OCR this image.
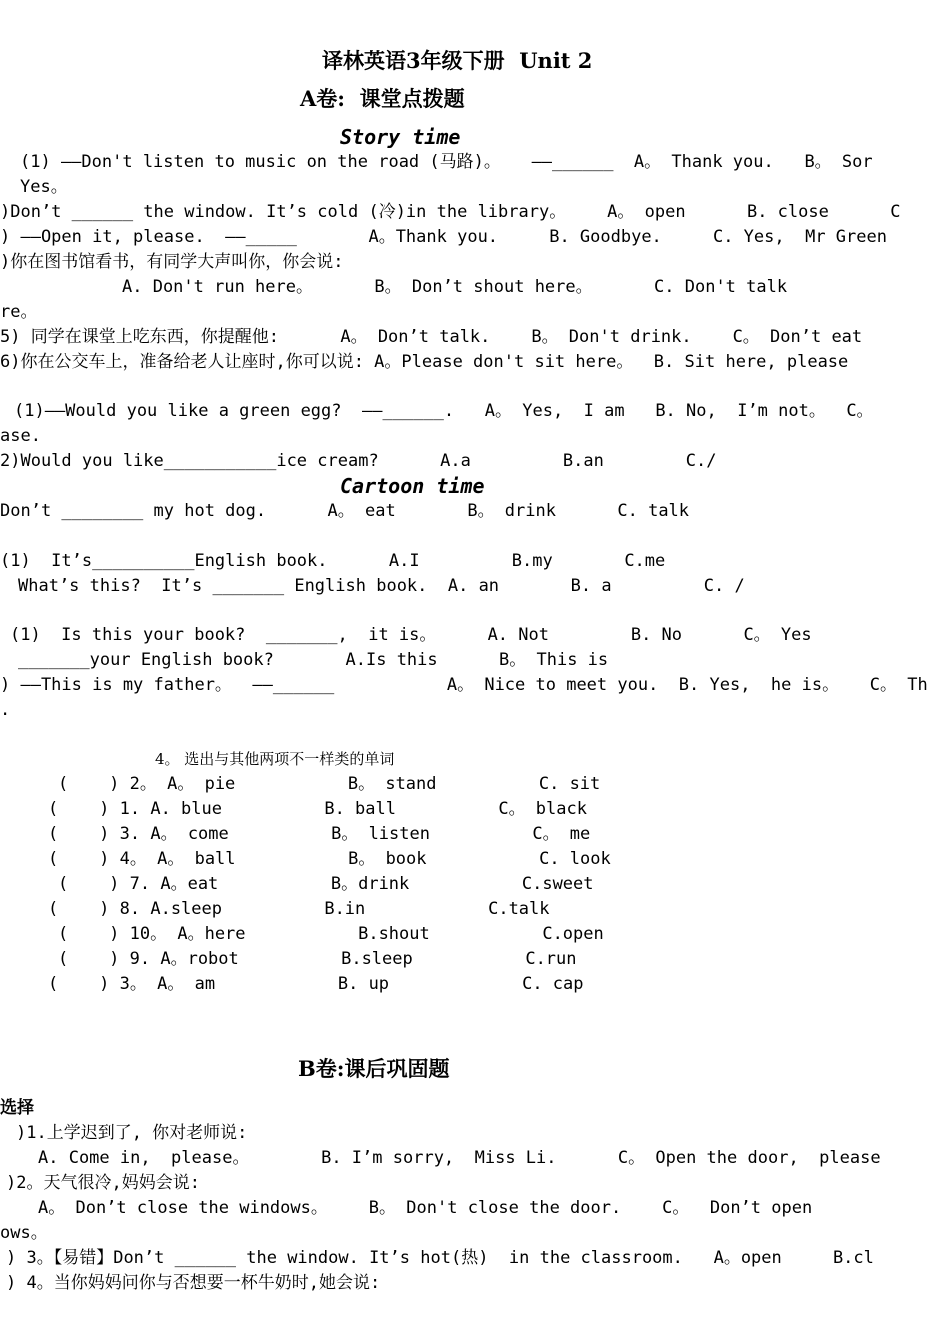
译林英语3年级下册  Unit 2
A卷:  课堂点拨题
Story time
(1) ——Don't listen to music on the road (马路)。   ——______  A。 Thank you.   B。 Sor
Yes。
)Don’t ______ the window. It’s cold (冷)in the library。    A。 open      B. close      C
) ——Open it, please.  ——_____       A。Thank you.     B. Goodbye.     C. Yes,  Mr Green
)你在图书馆看书，有同学大声叫你，你会说:
A. Don't run here。      B。 Don’t shout here。      C. Don't talk
re。
5) 同学在课堂上吃东西，你提醒他:      A。 Don’t talk.    B。 Don't drink.    C。 Don’t eat
6)你在公交车上，准备给老人让座时,你可以说: A。Please don't sit here。  B. Sit here, please
(1)——Would you like a green egg?  ——______.   A。 Yes,  I am   B. No,  I’m not。  C。
ase.
2)Would you like___________ice cream?      A.a         B.an        C./
Cartoon time
Don’t ________ my hot dog.      A。 eat       B。 drink      C. talk
(1)  It’s__________English book.      A.I         B.my       C.me
What’s this?  It’s _______ English book.  A. an       B. a         C. /
(1)  Is this your book?  _______,  it is。     A. Not        B. No      C。 Yes
_______your English book?       A.Is this      B。 This is
) ——This is my father。  ——______           A。 Nice to meet you.  B. Yes,  he is。   C。 Th
.
4。 选出与其他两项不一样类的单词
(    ) 2。 A。 pie           B。 stand          C. sit
(    ) 1. A. blue          B. ball          C。 black
(    ) 3. A。 come          B。 listen          C。 me
(    ) 4。 A。 ball           B。 book           C. look
(    ) 7. A。eat           B。drink           C.sweet
(    ) 8. A.sleep          B.in            C.talk
(    ) 10。 A。here           B.shout           C.open
(    ) 9. A。robot          B.sleep           C.run
(    ) 3。 A。 am            B. up             C. cap
B卷:课后巩固题
选择
)1.上学迟到了, 你对老师说:
A. Come in,  please。       B. I’m sorry,  Miss Li.      C。 Open the door,  please
)2。天气很冷,妈妈会说:
A。 Don’t close the windows。    B。 Don't close the door.    C。  Don’t open
ows。
) 3。【易错】Don’t ______ the window. It’s hot(热)  in the classroom.   A。open     B.cl
) 4。当你妈妈问你与否想要一杯牛奶时,她会说:
